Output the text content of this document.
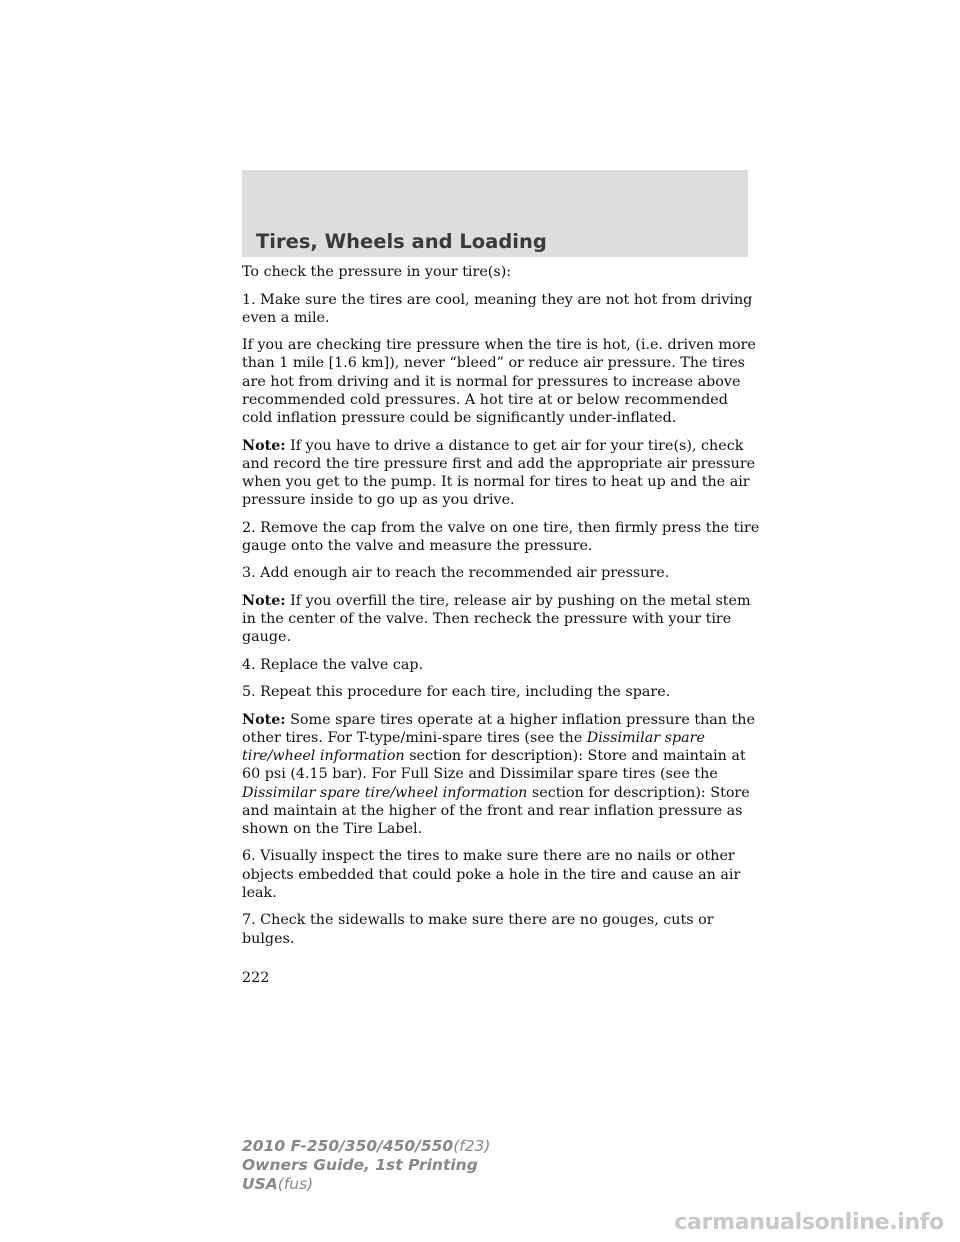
Tires, Wheels and Loading

To check the pressure in your tire(s):

1. Make sure the tires are cool, meaning they are not hot from driving even a mile.

If you are checking tire pressure when the tire is hot, (i.e. driven more than 1 mile [1.6 km]), never “bleed” or reduce air pressure. The tires are hot from driving and it is normal for pressures to increase above recommended cold pressures. A hot tire at or below recommended cold inflation pressure could be significantly under-inflated.

Note: If you have to drive a distance to get air for your tire(s), check and record the tire pressure first and add the appropriate air pressure when you get to the pump. It is normal for tires to heat up and the air pressure inside to go up as you drive.

2. Remove the cap from the valve on one tire, then firmly press the tire gauge onto the valve and measure the pressure.

3. Add enough air to reach the recommended air pressure.

Note: If you overfill the tire, release air by pushing on the metal stem in the center of the valve. Then recheck the pressure with your tire gauge.

4. Replace the valve cap.

5. Repeat this procedure for each tire, including the spare.

Note: Some spare tires operate at a higher inflation pressure than the other tires. For T-type/mini-spare tires (see the Dissimilar spare tire/wheel information section for description): Store and maintain at 60 psi (4.15 bar). For Full Size and Dissimilar spare tires (see the Dissimilar spare tire/wheel information section for description): Store and maintain at the higher of the front and rear inflation pressure as shown on the Tire Label.

6. Visually inspect the tires to make sure there are no nails or other objects embedded that could poke a hole in the tire and cause an air leak.

7. Check the sidewalls to make sure there are no gouges, cuts or bulges.

222
2010 F-250/350/450/550(f23)
Owners Guide, 1st Printing
USA(fus)
carmanualsonline.info
